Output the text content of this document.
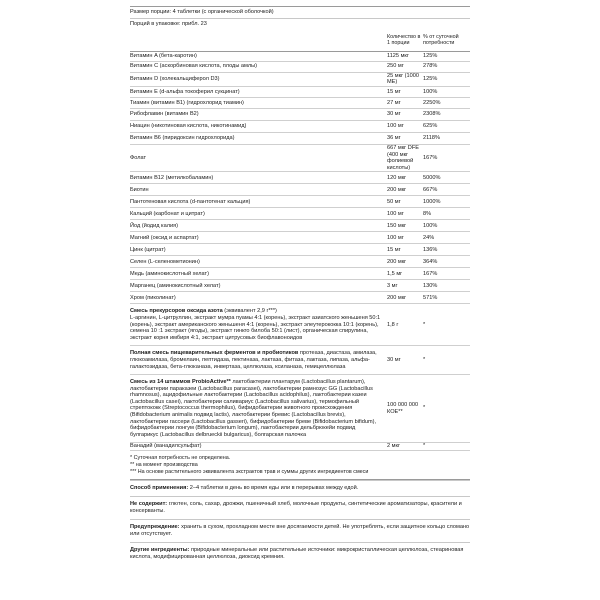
Размер порции: 4 таблетки (с органической оболочкой)
Порций в упаковке: прибл. 23
	Количество в 1 порции	% от суточной потребности
Витамин A (бета-каротин)	1125 мкг	125%
Витамин C (аскорбиновая кислота, плоды амлы)	250 мг	278%
Витамин D (холекальциферол D3)	25 мкг (1000 МЕ)	125%
Витамин E (d-альфа токоферил сукцинат)	15 мг	100%
Тиамин (витамин B1) (гидрохлорид тиамин)	27 мг	2250%
Рибофлавин (витамин B2)	30 мг	2308%
Ниацин (никотиновая кислота, никотинамид)	100 мг	625%
Витамин B6 (пиридоксин гидрохлорида)	36 мг	2118%
Фолат	667 мкг DFE (400 мкг фолиевой кислоты)	167%
Витамин B12 (метилкобаламин)	120 мкг	5000%
Биотин	200 мкг	667%
Пантотеновая кислота (d-пантотенат кальция)	50 мг	1000%
Кальций (карбонат и цитрат)	100 мг	8%
Йод (йодид калия)	150 мкг	100%
Магний (оксид и аспартат)	100 мг	24%
Цинк (цитрат)	15 мг	136%
Селен (L-селенометионин)	200 мкг	364%
Медь (аминокислотный хелат)	1,5 мг	167%
Марганец (аминокислотный хелат)	3 мг	130%
Хром (пиколинат)	200 мкг	571%
Смесь прекурсоров оксида азота (эквивалент 2,9 г***)
L-аргинин, L-цитруллин, экстракт мумра пуамы 4:1 (корень), экстракт азиатского женьшеня 50:1 (корень), экстракт американского женьшеня 4:1 (корень), экстракт элеутерококка 10:1 (корень), семена 10 :1 экстракт (ягоды), экстракт гинкго билоба 50:1 (лист), органическая спирулина, экстракт корня имбиря 4:1, экстракт цитрусовых биофлавоноидов	1,8 г	*
Полная смесь пищеварительных ферментов и пробиотиков протеаза, диастаза, амилаза, глюкоамилаза, бромелаин, пептидаза, пектиназа, лактаза, фитаза, лактаза, липаза, альфа-галактозидаза, бета-глюканаза, инвертаза, целлюлаза, ксиланаза, гемицеллюлаза	30 мг	*
Смесь из 14 штаммов ProbioActive** лактобактерии плантарум (Lactobacillus plantarum), лактобактерии параказеи (Lactobacillus paracasei), лактобактерии рамнозус GG (Lactobacillus rhamnosus), ацидофильные лактобактерии (Lactobacillus acidophilus), лактобактерии казеи (Lactobacillus casei), лактобактерии саливариус (Lactobacillus salivarius), термофильный стрептококк (Streptococcus thermophilus), бифидобактерии животного происхождения (Bifidobacterium animalis подвид lactis), лактобактерии бревис (Lactobacillus brevis), лактобактерии гассери (Lactobacillus gasseri), бифидобактерии бреве (Bifidobacterium bifidum), бифидобактерии лонгум (Bifidobacterium longum), лактобактерии дельбрюкейи подвид булгарикус (Lactobacillus delbrueckii bulgaricus), болгарская палочка	100 000 000 КОЕ**	*
Ванадий (ванадилсульфат)	2 мкг	*
* Суточная потребность не определена.
** на момент производства
*** На основе растительного эквивалента экстрактов трав и суммы других ингредиентов смеси
Способ применения: 2–4 таблетки в день во время еды или в перерывах между едой.
Не содержит: глютен, соль, сахар, дрожжи, пшеничный хлеб, молочные продукты, синтетические ароматизаторы, красители и консерванты.
Предупреждение: хранить в сухом, прохладном месте вне досягаемости детей. Не употреблять, если защитное кольцо сломано или отсутствует.
Другие ингредиенты: природные минеральные или растительные источники: микрокристаллическая целлюлоза, стеариновая кислота, модифицированная целлюлоза, диоксид кремния.
